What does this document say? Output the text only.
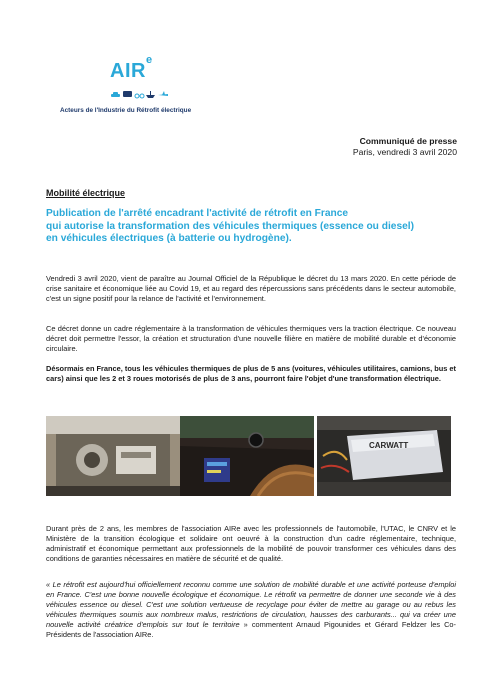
AIR$^e$
Acteurs de l'Industrie du Rétrofit électrique
Communiqué de presse
Paris, vendredi 3 avril 2020
Mobilité électrique
Publication de l'arrêté encadrant l'activité de rétrofit en France
qui autorise la transformation des véhicules thermiques (essence ou diesel)
en véhicules électriques (à batterie ou hydrogène).

Vendredi 3 avril 2020, vient de paraître au Journal Officiel de la République le décret du 13 mars 2020. En cette période de crise sanitaire et économique liée au Covid 19, et au regard des répercussions sans précédents dans le secteur automobile, c'est un signe positif pour la relance de l'activité et l'environnement.

Ce décret donne un cadre réglementaire à la transformation de véhicules thermiques vers la traction électrique. Ce nouveau décret doit permettre l'essor, la création et structuration d'une nouvelle filière en matière de mobilité durable et d'économie circulaire.

Désormais en France, tous les véhicules thermiques de plus de 5 ans (voitures, véhicules utilitaires, camions, bus et cars) ainsi que les 2 et 3 roues motorisés de plus de 3 ans, pourront faire l'objet d'une transformation électrique.

CARWATT

Durant près de 2 ans, les membres de l'association AIRe avec les professionnels de l'automobile, l'UTAC, le CNRV et le Ministère de la transition écologique et solidaire ont oeuvré à la construction d'un cadre réglementaire, technique, administratif et économique permettant aux professionnels de la mobilité de pouvoir transformer ces véhicules dans des conditions de garanties nécessaires en matière de sécurité et de qualité.

« Le rétrofit est aujourd'hui officiellement reconnu comme une solution de mobilité durable et une activité porteuse d'emploi en France. C'est une bonne nouvelle écologique et économique. Le rétrofit va permettre de donner une seconde vie à des véhicules essence ou diesel. C'est une solution vertueuse de recyclage pour éviter de mettre au garage ou au rebus les véhicules thermiques soumis aux nombreux malus, restrictions de circulation, hausses des carburants... qui va créer une nouvelle activité créatrice d'emplois sur tout le territoire » commentent Arnaud Pigounides et Gérard Feldzer les Co-Présidents de l'association AIRe.
